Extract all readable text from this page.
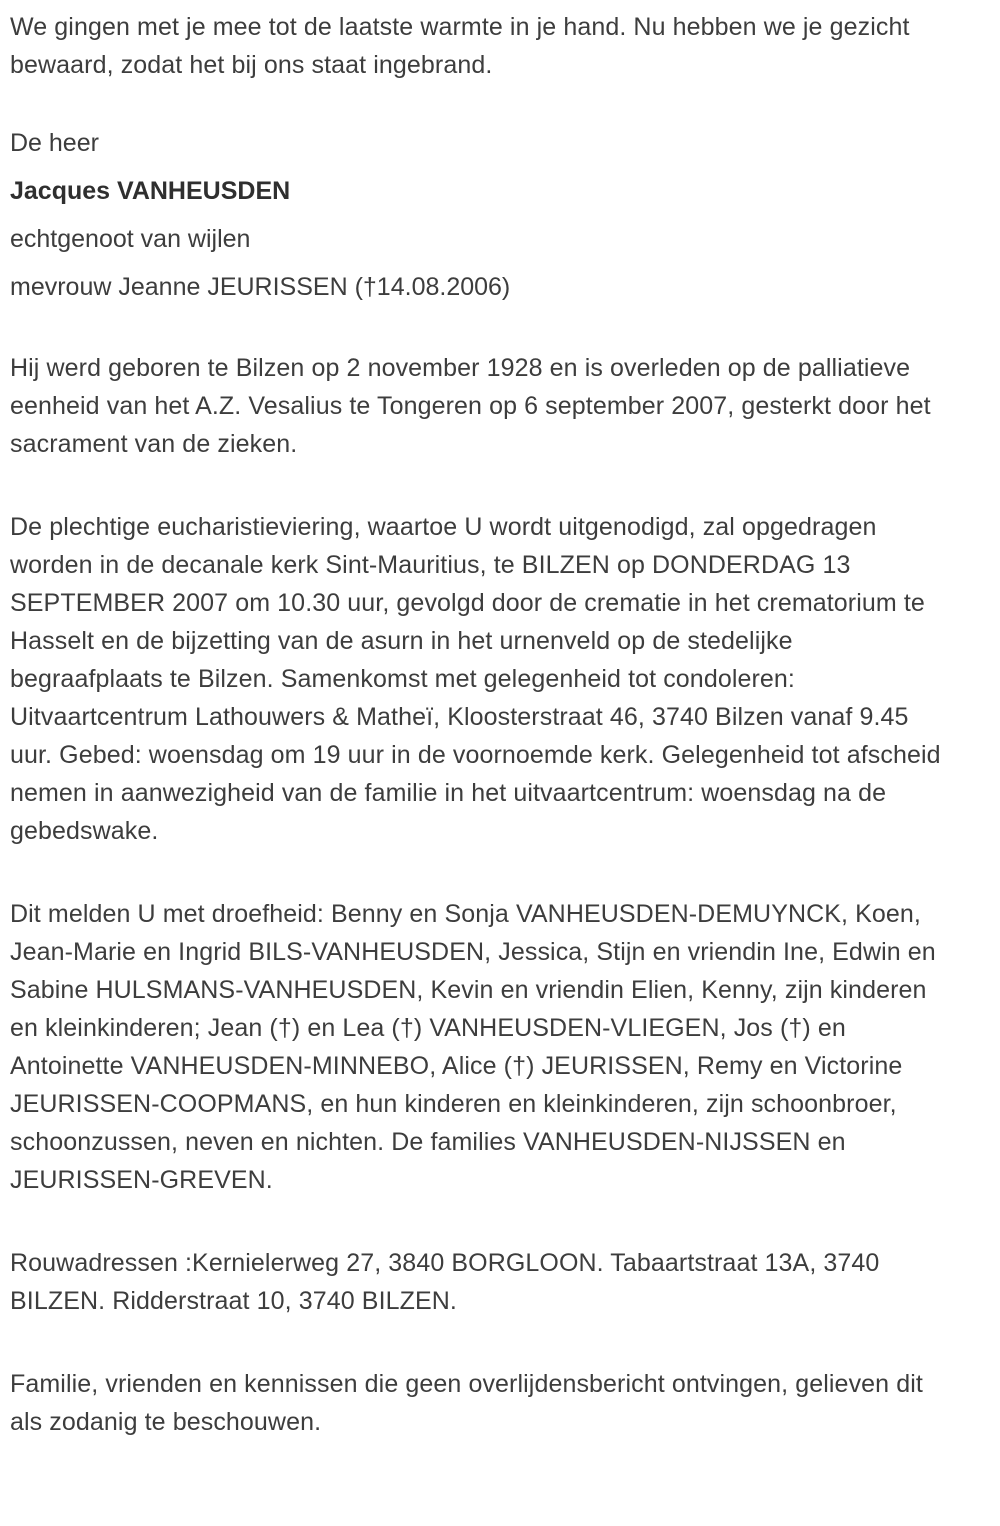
We gingen met je mee tot de laatste warmte in je hand. Nu hebben we je gezicht bewaard, zodat het bij ons staat ingebrand.

De heer

Jacques VANHEUSDEN

echtgenoot van wijlen

mevrouw Jeanne JEURISSEN (†14.08.2006)

Hij werd geboren te Bilzen op 2 november 1928 en is overleden op de palliatieve eenheid van het A.Z. Vesalius te Tongeren op 6 september 2007, gesterkt door het sacrament van de zieken.

De plechtige eucharistieviering, waartoe U wordt uitgenodigd, zal opgedragen worden in de decanale kerk Sint-Mauritius, te BILZEN op DONDERDAG 13 SEPTEMBER 2007 om 10.30 uur, gevolgd door de crematie in het crematorium te Hasselt en de bijzetting van de asurn in het urnenveld op de stedelijke begraafplaats te Bilzen. Samenkomst met gelegenheid tot condoleren: Uitvaartcentrum Lathouwers & Matheï, Kloosterstraat 46, 3740 Bilzen vanaf 9.45 uur. Gebed: woensdag om 19 uur in de voornoemde kerk. Gelegenheid tot afscheid nemen in aanwezigheid van de familie in het uitvaartcentrum: woensdag na de gebedswake.

Dit melden U met droefheid: Benny en Sonja VANHEUSDEN-DEMUYNCK, Koen, Jean-Marie en Ingrid BILS-VANHEUSDEN, Jessica, Stijn en vriendin Ine, Edwin en Sabine HULSMANS-VANHEUSDEN, Kevin en vriendin Elien, Kenny, zijn kinderen en kleinkinderen; Jean (†) en Lea (†) VANHEUSDEN-VLIEGEN, Jos (†) en Antoinette VANHEUSDEN-MINNEBO, Alice (†) JEURISSEN, Remy en Victorine JEURISSEN-COOPMANS, en hun kinderen en kleinkinderen, zijn schoonbroer, schoonzussen, neven en nichten. De families VANHEUSDEN-NIJSSEN en JEURISSEN-GREVEN.

Rouwadressen :Kernielerweg 27, 3840 BORGLOON. Tabaartstraat 13A, 3740 BILZEN. Ridderstraat 10, 3740 BILZEN.

Familie, vrienden en kennissen die geen overlijdensbericht ontvingen, gelieven dit als zodanig te beschouwen.
